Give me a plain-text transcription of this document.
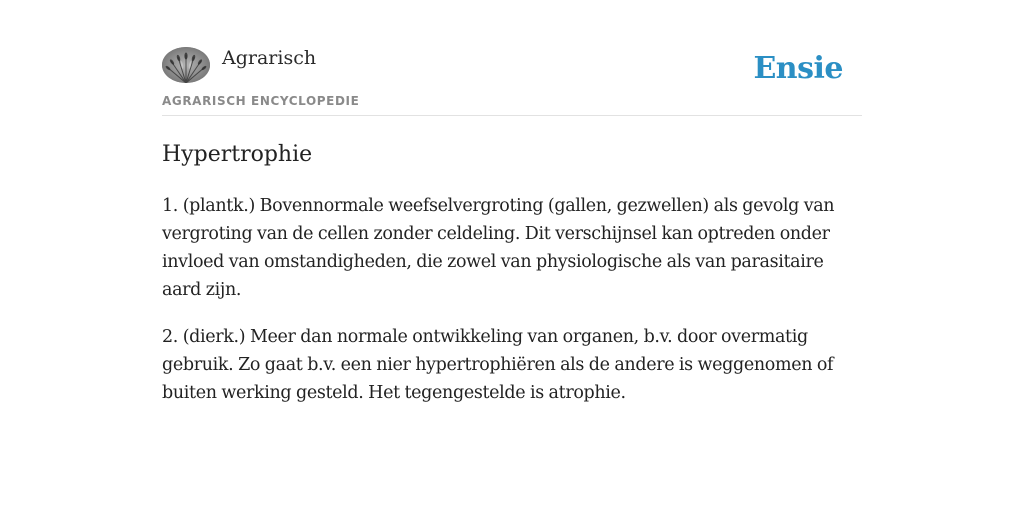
Agrarisch
AGRARISCH ENCYCLOPEDIE
Ensie
Hypertrophie

1. (plantk.) Bovennormale weefselvergroting (gallen, gezwellen) als gevolg van vergroting van de cellen zonder celdeling. Dit verschijnsel kan optreden onder invloed van omstandigheden, die zowel van physiologische als van parasitaire aard zijn.

2. (dierk.) Meer dan normale ontwikkeling van organen, b.v. door overmatig gebruik. Zo gaat b.v. een nier hypertrophiëren als de andere is weggenomen of buiten werking gesteld. Het tegengestelde is atrophie.
